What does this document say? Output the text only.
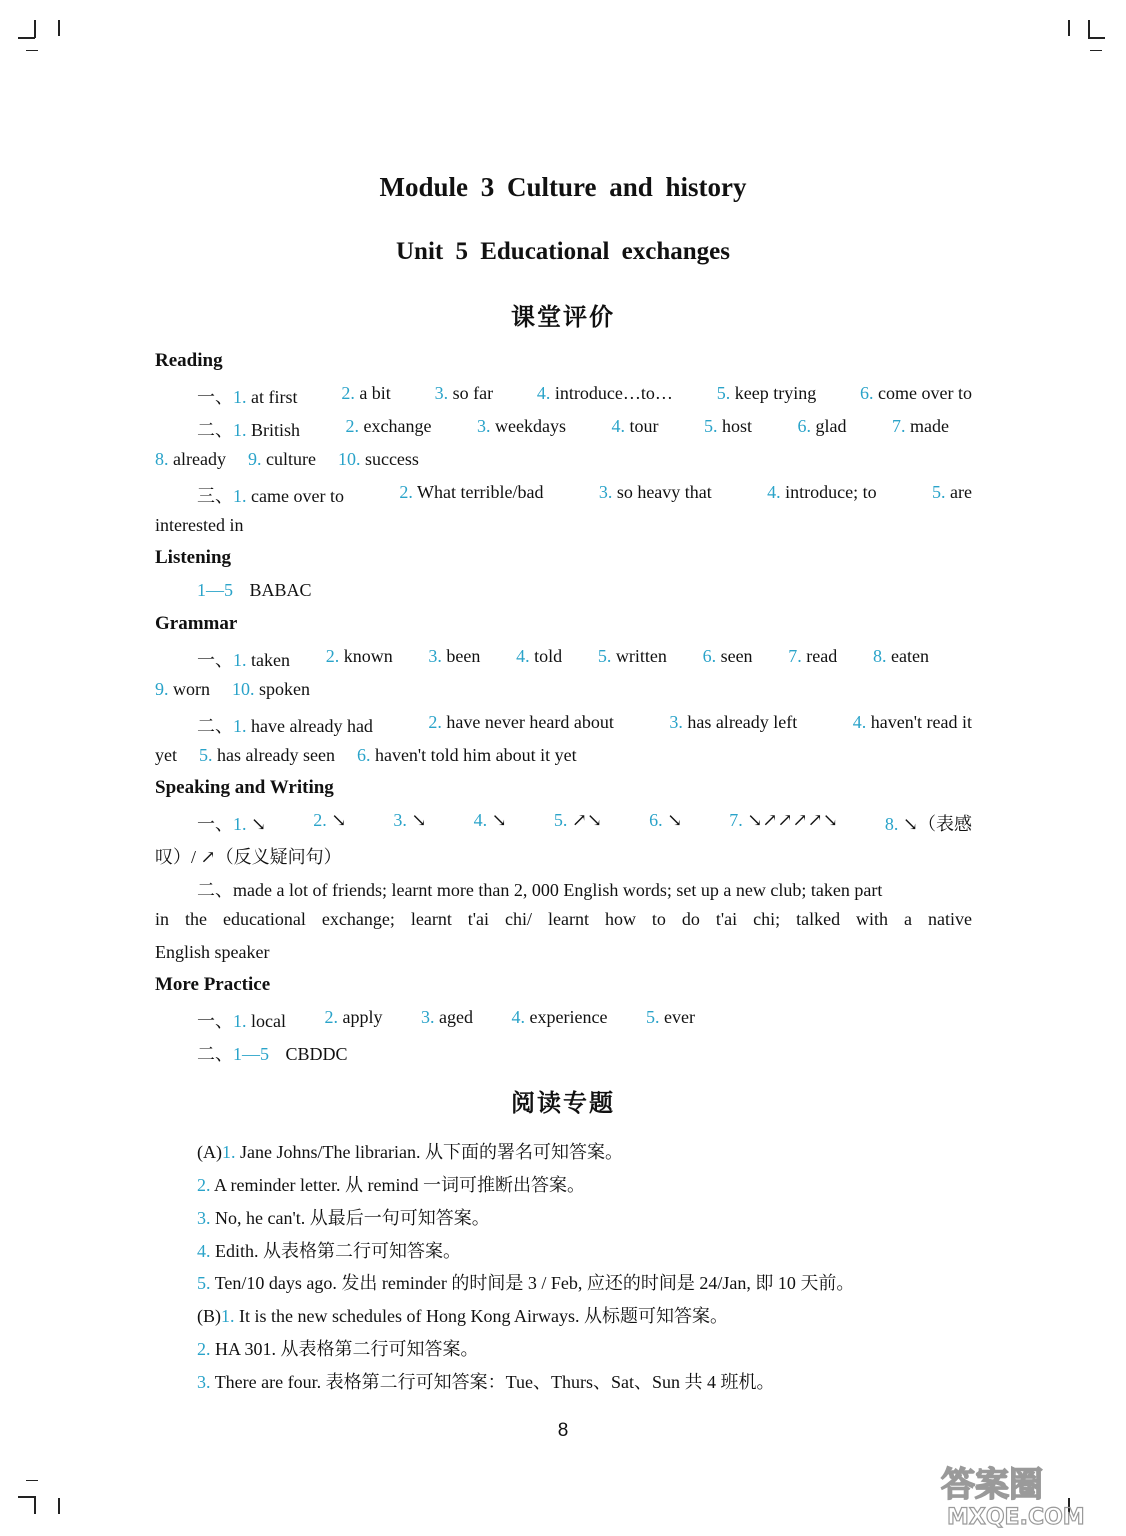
Module 3 Culture and history
Unit 5 Educational exchanges
课堂评价
Reading
一、1. at first 2. a bit 3. so far 4. introduce…to… 5. keep trying 6. come over to
二、1. British	2. exchange	3. weekdays	4. tour	5. host	6. glad	7. made
8. already 9. culture 10. success
三、1. came over to	2. What terrible/bad	3. so heavy that	4. introduce; to	5. are
interested in
Listening
1—5 BABAC
Grammar
一、1. taken 2. known 3. been 4. told 5. written 6. seen 7. read 8. eaten
9. worn 10. spoken
二、1. have already had	2. have never heard about	3. has already left	4. haven't read it
yet 5. has already seen 6. haven't told him about it yet
Speaking and Writing
一、1. ↘	2. ↘	3. ↘	4. ↘	5. ↗↘	6. ↘	7. ↘↗↗↗↗↘	8. ↘（表感
叹）/ ↗（反义疑问句）
二、made a lot of friends; learnt more than 2, 000 English words; set up a new club; taken part
in the educational exchange; learnt t'ai chi/ learnt how to do t'ai chi; talked with a native
English speaker
More Practice
一、1. local 2. apply 3. aged 4. experience 5. ever
二、1—5 CBDDC
阅读专题
(A)1. Jane Johns/The librarian. 从下面的署名可知答案。
2. A reminder letter. 从 remind 一词可推断出答案。
3. No, he can't. 从最后一句可知答案。
4. Edith. 从表格第二行可知答案。
5. Ten/10 days ago. 发出 reminder 的时间是 3 / Feb, 应还的时间是 24/Jan, 即 10 天前。
(B)1. It is the new schedules of Hong Kong Airways. 从标题可知答案。
2. HA 301. 从表格第二行可知答案。
3. There are four. 表格第二行可知答案：Tue、Thurs、Sat、Sun 共 4 班机。
8
答案圈
MXQE.COM
